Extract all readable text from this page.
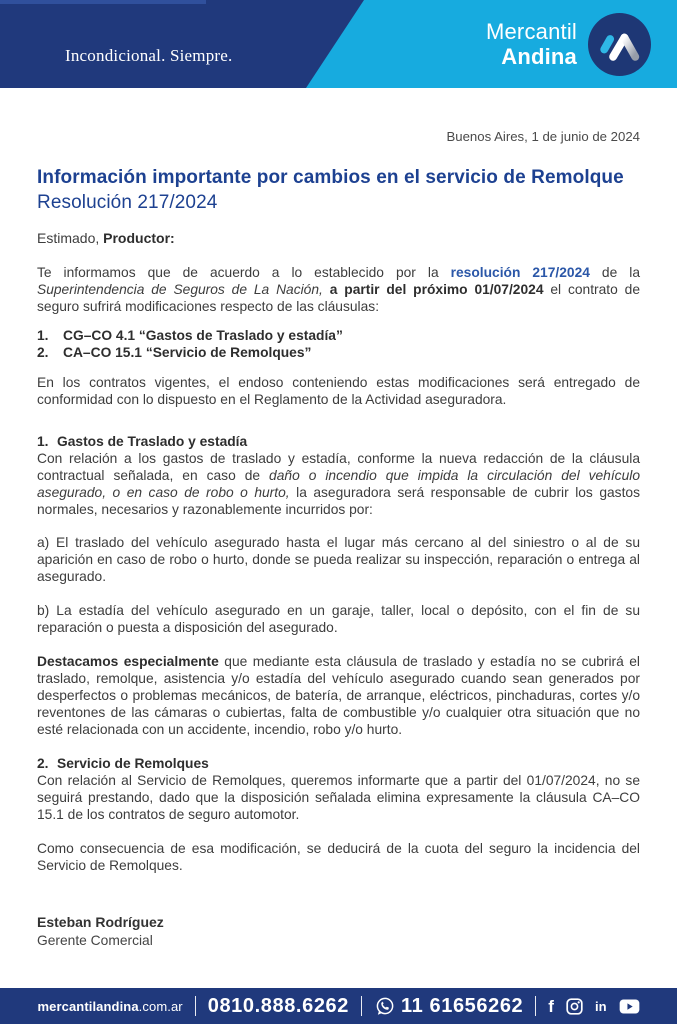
Incondicional. Siempre.
Mercantil
Andina
Buenos Aires, 1 de junio de 2024
Información importante por cambios en el servicio de Remolque
Resolución 217/2024
Estimado, Productor:

Te informamos que de acuerdo a lo establecido por la resolución 217/2024 de la Superintendencia de Seguros de La Nación, a partir del próximo 01/07/2024 el contrato de seguro sufrirá modificaciones respecto de las cláusulas:

1.	CG–CO 4.1 “Gastos de Traslado y estadía”
2.	CA–CO 15.1 “Servicio de Remolques”

En los contratos vigentes, el endoso conteniendo estas modificaciones será entregado de conformidad con lo dispuesto en el Reglamento de la Actividad aseguradora.

1. Gastos de Traslado y estadía

Con relación a los gastos de traslado y estadía, conforme la nueva redacción de la cláusula contractual señalada, en caso de daño o incendio que impida la circulación del vehículo asegurado, o en caso de robo o hurto, la aseguradora será responsable de cubrir los gastos normales, necesarios y razonablemente incurridos por:

a) El traslado del vehículo asegurado hasta el lugar más cercano al del siniestro o al de su aparición en caso de robo o hurto, donde se pueda realizar su inspección, reparación o entrega al asegurado.

b) La estadía del vehículo asegurado en un garaje, taller, local o depósito, con el fin de su reparación o puesta a disposición del asegurado.

Destacamos especialmente que mediante esta cláusula de traslado y estadía no se cubrirá el traslado, remolque, asistencia y/o estadía del vehículo asegurado cuando sean generados por desperfectos o problemas mecánicos, de batería, de arranque, eléctricos, pinchaduras, cortes y/o reventones de las cámaras o cubiertas, falta de combustible y/o cualquier otra situación que no esté relacionada con un accidente, incendio, robo y/o hurto.

2. Servicio de Remolques

Con relación al Servicio de Remolques, queremos informarte que a partir del 01/07/2024, no se seguirá prestando, dado que la disposición señalada elimina expresamente la cláusula CA–CO 15.1 de los contratos de seguro automotor.

Como consecuencia de esa modificación, se deducirá de la cuota del seguro la incidencia del Servicio de Remolques.

Esteban Rodríguez
Gerente Comercial
mercantilandina.com.ar 0810.888.6262	11 61656262 f	in
